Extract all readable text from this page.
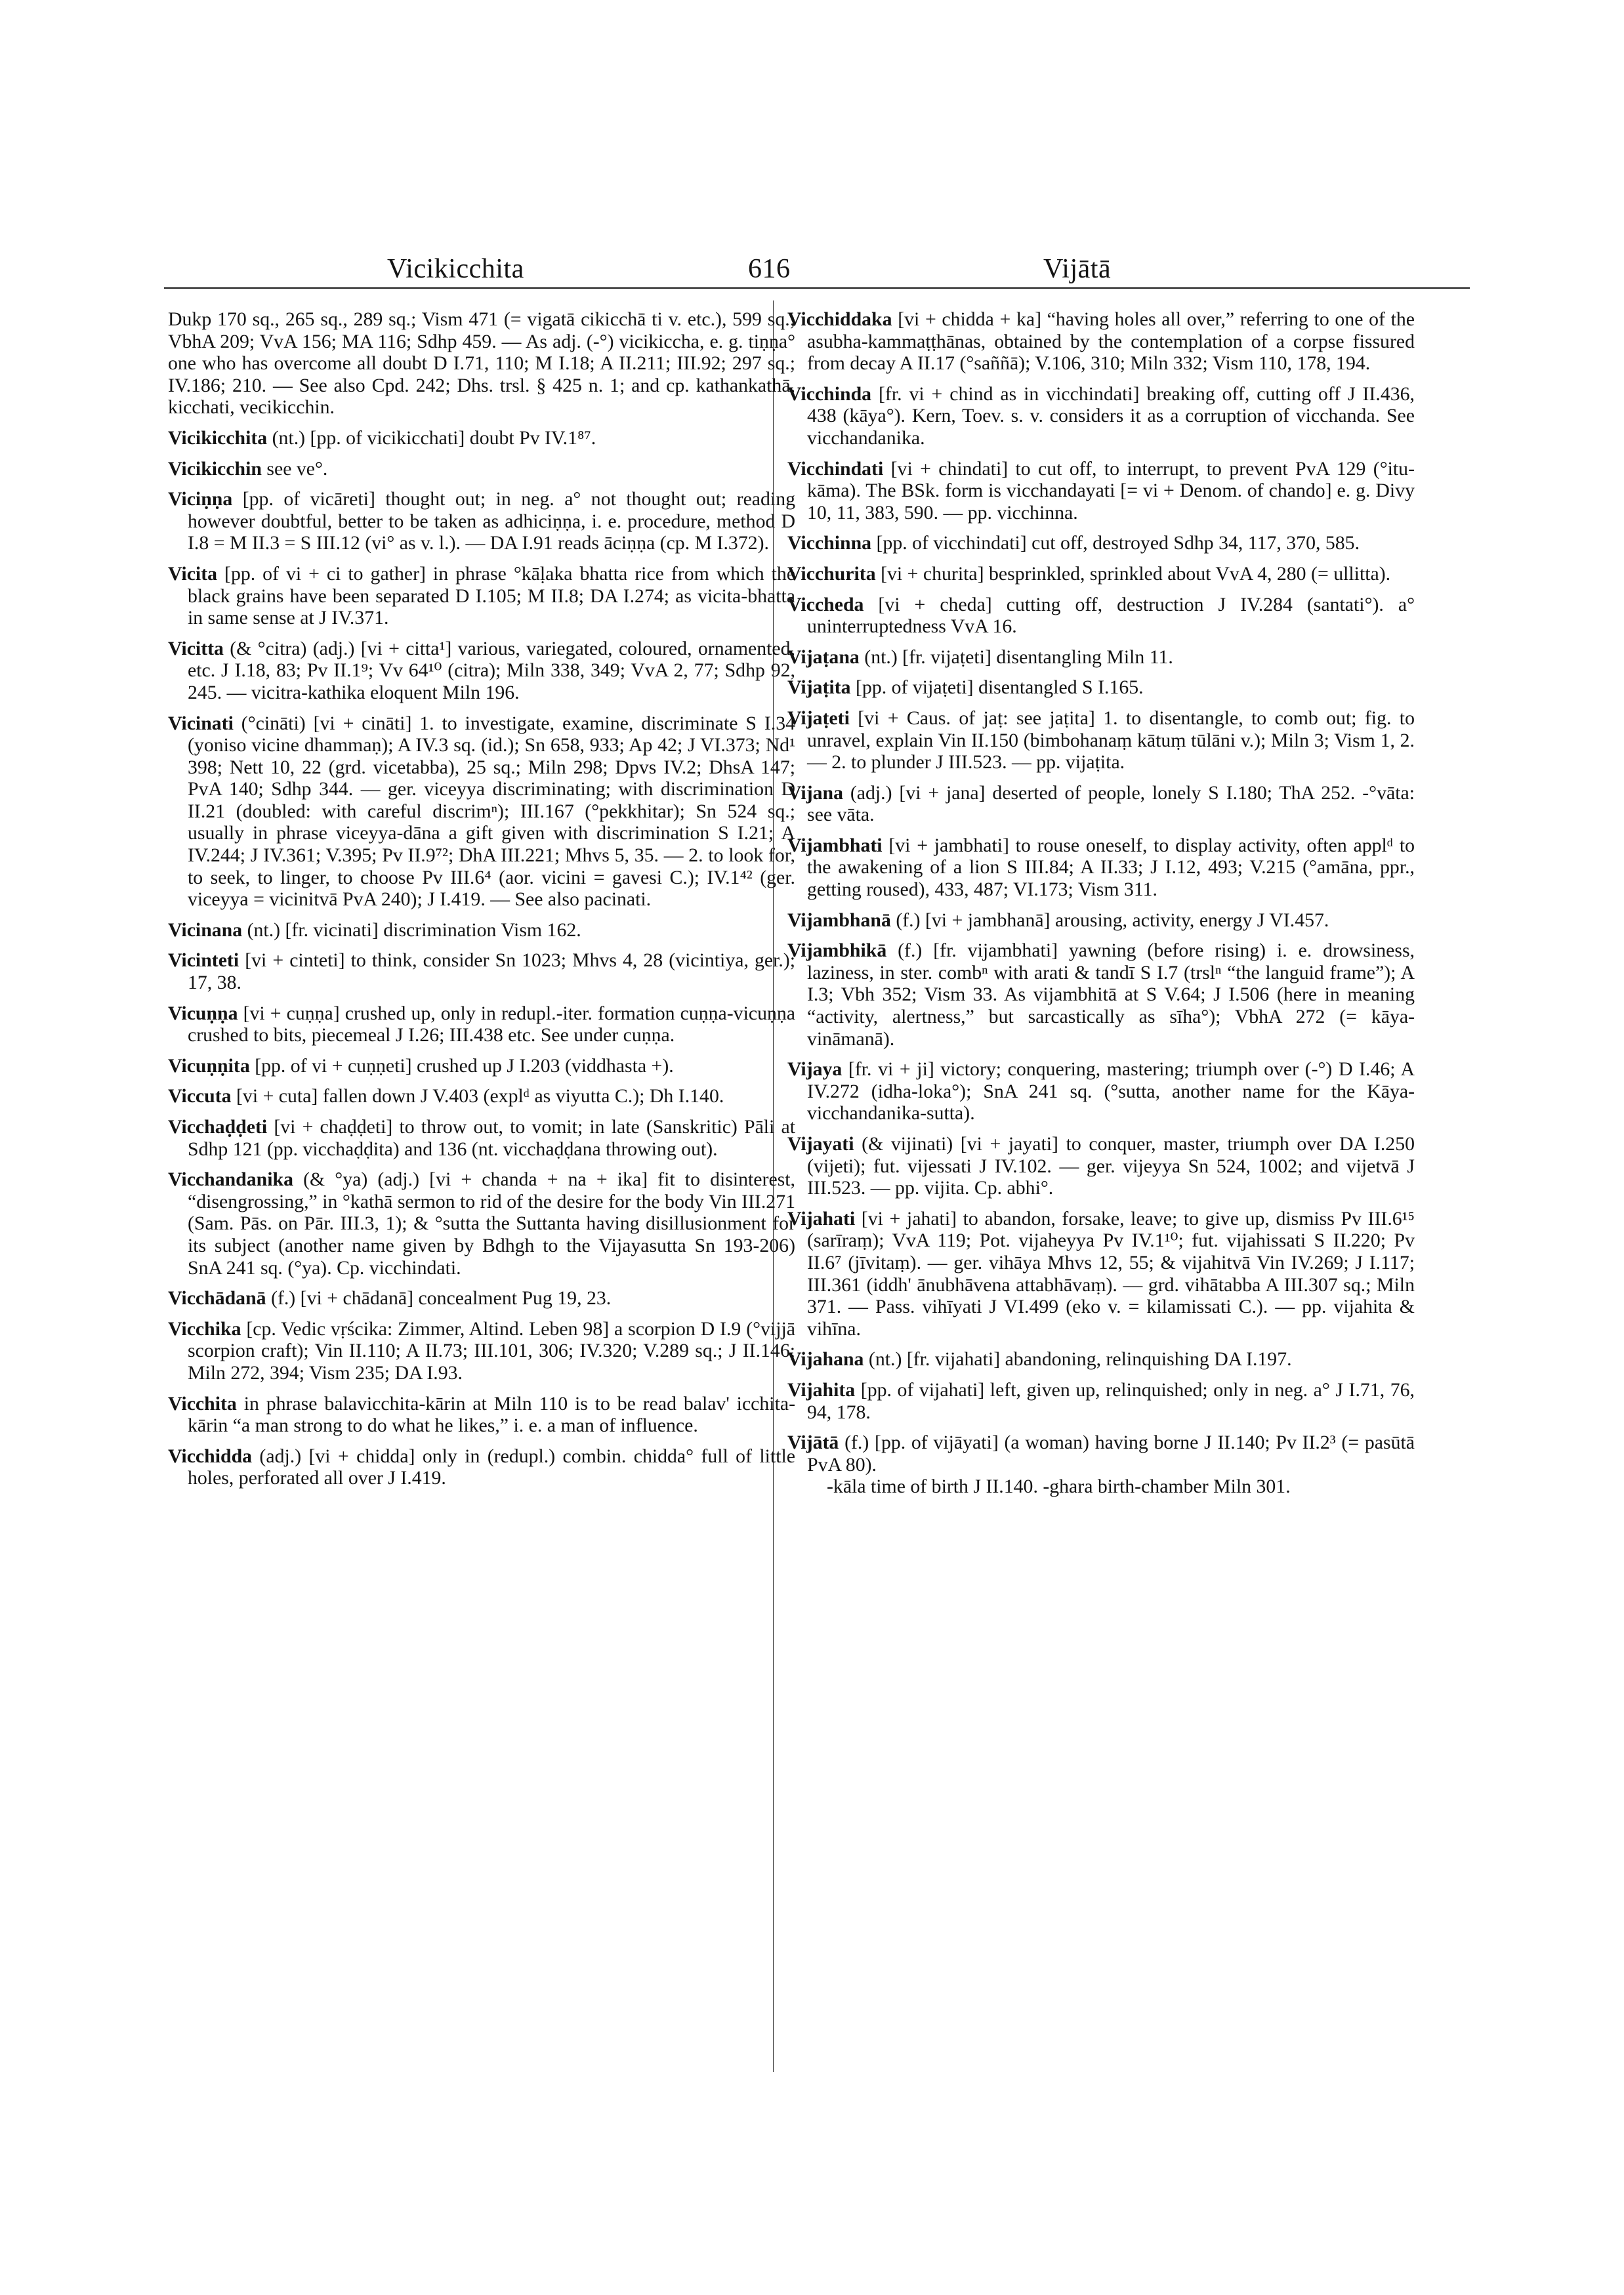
Vicikicchita	616	Vijātā

Dukp 170 sq., 265 sq., 289 sq.; Vism 471 (= vigatā cikicchā ti v. etc.), 599 sq.; VbhA 209; VvA 156; MA 116; Sdhp 459. — As adj. (-°) vicikiccha, e. g. tiṇṇa° one who has overcome all doubt D I.71, 110; M I.18; A II.211; III.92; 297 sq.; IV.186; 210. — See also Cpd. 242; Dhs. trsl. § 425 n. 1; and cp. kathankathā, kicchati, vecikicchin.

Vicikicchita (nt.) [pp. of vicikicchati] doubt Pv IV.1⁸⁷.

Vicikicchin see ve°.

Viciṇṇa [pp. of vicāreti] thought out; in neg. a° not thought out; reading however doubtful, better to be taken as adhiciṇṇa, i. e. procedure, method D I.8 = M II.3 = S III.12 (vi° as v. l.). — DA I.91 reads āciṇṇa (cp. M I.372).

Vicita [pp. of vi + ci to gather] in phrase °kāḷaka bhatta rice from which the black grains have been separated D I.105; M II.8; DA I.274; as vicita-bhatta in same sense at J IV.371.

Vicitta (& °citra) (adj.) [vi + citta¹] various, variegated, coloured, ornamented, etc. J I.18, 83; Pv II.1⁹; Vv 64¹⁰ (citra); Miln 338, 349; VvA 2, 77; Sdhp 92, 245. — vicitra-kathika eloquent Miln 196.

Vicinati (°cināti) [vi + cināti] 1. to investigate, examine, discriminate S I.34 (yoniso vicine dhammaṇ); A IV.3 sq. (id.); Sn 658, 933; Ap 42; J VI.373; Nd¹ 398; Nett 10, 22 (grd. vicetabba), 25 sq.; Miln 298; Dpvs IV.2; DhsA 147; PvA 140; Sdhp 344. — ger. viceyya discriminating; with discrimination D II.21 (doubled: with careful discrimⁿ); III.167 (°pekkhitar); Sn 524 sq.; usually in phrase viceyya-dāna a gift given with discrimination S I.21; A IV.244; J IV.361; V.395; Pv II.9⁷²; DhA III.221; Mhvs 5, 35. — 2. to look for, to seek, to linger, to choose Pv III.6⁴ (aor. vicini = gavesi C.); IV.1⁴² (ger. viceyya = vicinitvā PvA 240); J I.419. — See also pacinati.

Vicinana (nt.) [fr. vicinati] discrimination Vism 162.

Vicinteti [vi + cinteti] to think, consider Sn 1023; Mhvs 4, 28 (vicintiya, ger.); 17, 38.

Vicuṇṇa [vi + cuṇṇa] crushed up, only in redupl.-iter. formation cuṇṇa-vicuṇṇa crushed to bits, piecemeal J I.26; III.438 etc. See under cuṇṇa.

Vicuṇṇita [pp. of vi + cuṇṇeti] crushed up J I.203 (viddhasta +).

Viccuta [vi + cuta] fallen down J V.403 (explᵈ as viyutta C.); Dh I.140.

Vicchaḍḍeti [vi + chaḍḍeti] to throw out, to vomit; in late (Sanskritic) Pāli at Sdhp 121 (pp. vicchaḍḍita) and 136 (nt. vicchaḍḍana throwing out).

Vicchandanika (& °ya) (adj.) [vi + chanda + na + ika] fit to disinterest, “disengrossing,” in °kathā sermon to rid of the desire for the body Vin III.271 (Sam. Pās. on Pār. III.3, 1); & °sutta the Suttanta having disillusionment for its subject (another name given by Bdhgh to the Vijayasutta Sn 193-206) SnA 241 sq. (°ya). Cp. vicchindati.

Vicchādanā (f.) [vi + chādanā] concealment Pug 19, 23.

Vicchika [cp. Vedic vṛścika: Zimmer, Altind. Leben 98] a scorpion D I.9 (°vijjā scorpion craft); Vin II.110; A II.73; III.101, 306; IV.320; V.289 sq.; J II.146; Miln 272, 394; Vism 235; DA I.93.

Vicchita in phrase balavicchita-kārin at Miln 110 is to be read balav' icchita-kārin “a man strong to do what he likes,” i. e. a man of influence.

Vicchidda (adj.) [vi + chidda] only in (redupl.) combin. chidda° full of little holes, perforated all over J I.419.

Vicchiddaka [vi + chidda + ka] “having holes all over,” referring to one of the asubha-kammaṭṭhānas, obtained by the contemplation of a corpse fissured from decay A II.17 (°saññā); V.106, 310; Miln 332; Vism 110, 178, 194.

Vicchinda [fr. vi + chind as in vicchindati] breaking off, cutting off J II.436, 438 (kāya°). Kern, Toev. s. v. considers it as a corruption of vicchanda. See vicchandanika.

Vicchindati [vi + chindati] to cut off, to interrupt, to prevent PvA 129 (°itu-kāma). The BSk. form is vicchandayati [= vi + Denom. of chando] e. g. Divy 10, 11, 383, 590. — pp. vicchinna.

Vicchinna [pp. of vicchindati] cut off, destroyed Sdhp 34, 117, 370, 585.

Vicchurita [vi + churita] besprinkled, sprinkled about VvA 4, 280 (= ullitta).

Viccheda [vi + cheda] cutting off, destruction J IV.284 (santati°). a° uninterruptedness VvA 16.

Vijaṭana (nt.) [fr. vijaṭeti] disentangling Miln 11.

Vijaṭita [pp. of vijaṭeti] disentangled S I.165.

Vijaṭeti [vi + Caus. of jaṭ: see jaṭita] 1. to disentangle, to comb out; fig. to unravel, explain Vin II.150 (bimbohanaṃ kātuṃ tūlāni v.); Miln 3; Vism 1, 2. — 2. to plunder J III.523. — pp. vijaṭita.

Vijana (adj.) [vi + jana] deserted of people, lonely S I.180; ThA 252. -°vāta: see vāta.

Vijambhati [vi + jambhati] to rouse oneself, to display activity, often applᵈ to the awakening of a lion S III.84; A II.33; J I.12, 493; V.215 (°amāna, ppr., getting roused), 433, 487; VI.173; Vism 311.

Vijambhanā (f.) [vi + jambhanā] arousing, activity, energy J VI.457.

Vijambhikā (f.) [fr. vijambhati] yawning (before rising) i. e. drowsiness, laziness, in ster. combⁿ with arati & tandī S I.7 (trslⁿ “the languid frame”); A I.3; Vbh 352; Vism 33. As vijambhitā at S V.64; J I.506 (here in meaning “activity, alertness,” but sarcastically as sīha°); VbhA 272 (= kāya-vināmanā).

Vijaya [fr. vi + ji] victory; conquering, mastering; triumph over (-°) D I.46; A IV.272 (idha-loka°); SnA 241 sq. (°sutta, another name for the Kāya-vicchandanika-sutta).

Vijayati (& vijinati) [vi + jayati] to conquer, master, triumph over DA I.250 (vijeti); fut. vijessati J IV.102. — ger. vijeyya Sn 524, 1002; and vijetvā J III.523. — pp. vijita. Cp. abhi°.

Vijahati [vi + jahati] to abandon, forsake, leave; to give up, dismiss Pv III.6¹⁵ (sarīraṃ); VvA 119; Pot. vijaheyya Pv IV.1¹⁰; fut. vijahissati S II.220; Pv II.6⁷ (jīvitaṃ). — ger. vihāya Mhvs 12, 55; & vijahitvā Vin IV.269; J I.117; III.361 (iddh' ānubhāvena attabhāvaṃ). — grd. vihātabba A III.307 sq.; Miln 371. — Pass. vihīyati J VI.499 (eko v. = kilamissati C.). — pp. vijahita & vihīna.

Vijahana (nt.) [fr. vijahati] abandoning, relinquishing DA I.197.

Vijahita [pp. of vijahati] left, given up, relinquished; only in neg. a° J I.71, 76, 94, 178.

Vijātā (f.) [pp. of vijāyati] (a woman) having borne J II.140; Pv II.2³ (= pasūtā PvA 80).
-kāla time of birth J II.140. -ghara birth-chamber Miln 301.
